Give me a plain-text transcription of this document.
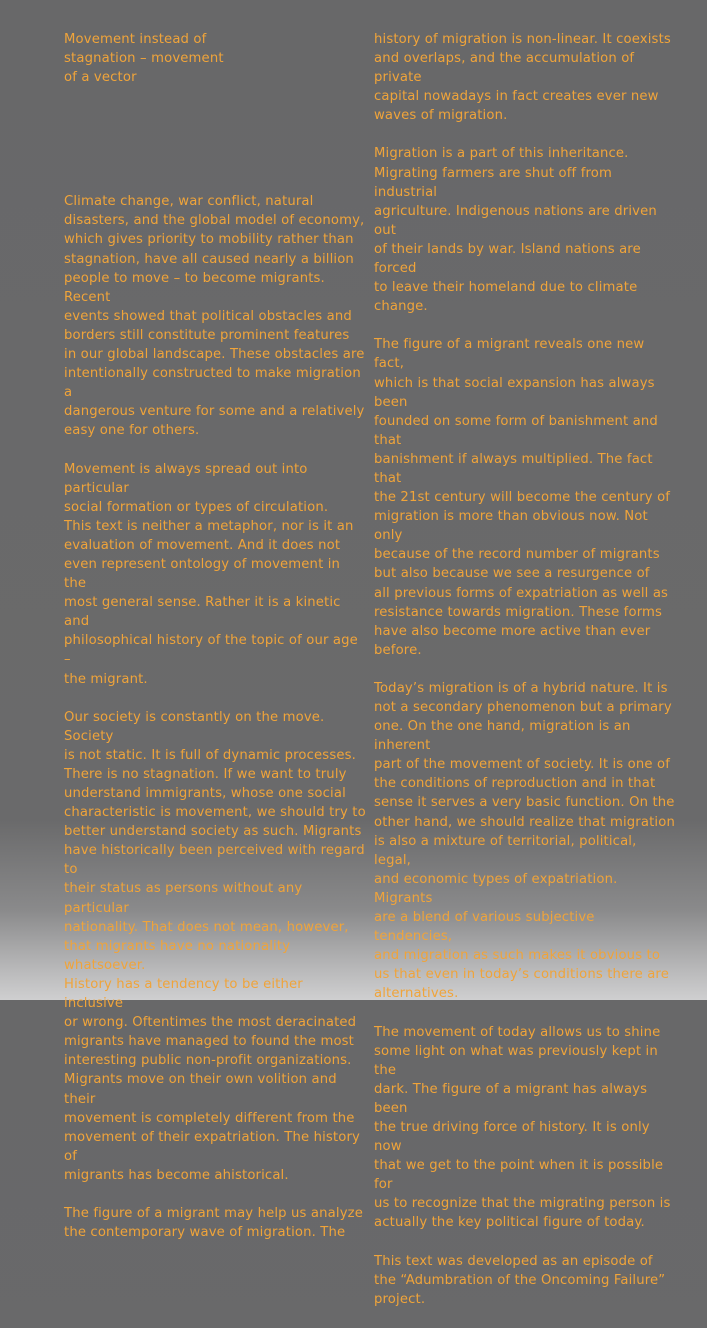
Movement instead of
stagnation – movement
of a vector

Climate change, war conflict, natural
disasters, and the global model of economy,
which gives priority to mobility rather than
stagnation, have all caused nearly a billion
people to move – to become migrants. Recent
events showed that political obstacles and
borders still constitute prominent features
in our global landscape. These obstacles are
intentionally constructed to make migration a
dangerous venture for some and a relatively
easy one for others.

Movement is always spread out into particular
social formation or types of circulation.
This text is neither a metaphor, nor is it an
evaluation of movement. And it does not
even represent ontology of movement in the
most general sense. Rather it is a kinetic and
philosophical history of the topic of our age –
the migrant.

Our society is constantly on the move. Society
is not static. It is full of dynamic processes.
There is no stagnation. If we want to truly
understand immigrants, whose one social
characteristic is movement, we should try to
better understand society as such. Migrants
have historically been perceived with regard to
their status as persons without any particular
nationality. That does not mean, however,
that migrants have no nationality whatsoever.
History has a tendency to be either inclusive
or wrong. Oftentimes the most deracinated
migrants have managed to found the most
interesting public non-profit organizations.
Migrants move on their own volition and their
movement is completely different from the
movement of their expatriation. The history of
migrants has become ahistorical.

The figure of a migrant may help us analyze
the contemporary wave of migration. The

history of migration is non-linear. It coexists
and overlaps, and the accumulation of private
capital nowadays in fact creates ever new
waves of migration.

Migration is a part of this inheritance.
Migrating farmers are shut off from industrial
agriculture. Indigenous nations are driven out
of their lands by war. Island nations are forced
to leave their homeland due to climate change.

The figure of a migrant reveals one new fact,
which is that social expansion has always been
founded on some form of banishment and that
banishment if always multiplied. The fact that
the 21st century will become the century of
migration is more than obvious now. Not only
because of the record number of migrants
but also because we see a resurgence of
all previous forms of expatriation as well as
resistance towards migration. These forms
have also become more active than ever
before.

Today’s migration is of a hybrid nature. It is
not a secondary phenomenon but a primary
one. On the one hand, migration is an inherent
part of the movement of society. It is one of
the conditions of reproduction and in that
sense it serves a very basic function. On the
other hand, we should realize that migration
is also a mixture of territorial, political, legal,
and economic types of expatriation. Migrants
are a blend of various subjective tendencies,
and migration as such makes it obvious to
us that even in today’s conditions there are
alternatives.

The movement of today allows us to shine
some light on what was previously kept in the
dark. The figure of a migrant has always been
the true driving force of history. It is only now
that we get to the point when it is possible for
us to recognize that the migrating person is
actually the key political figure of today.

This text was developed as an episode of
the “Adumbration of the Oncoming Failure”
project.
